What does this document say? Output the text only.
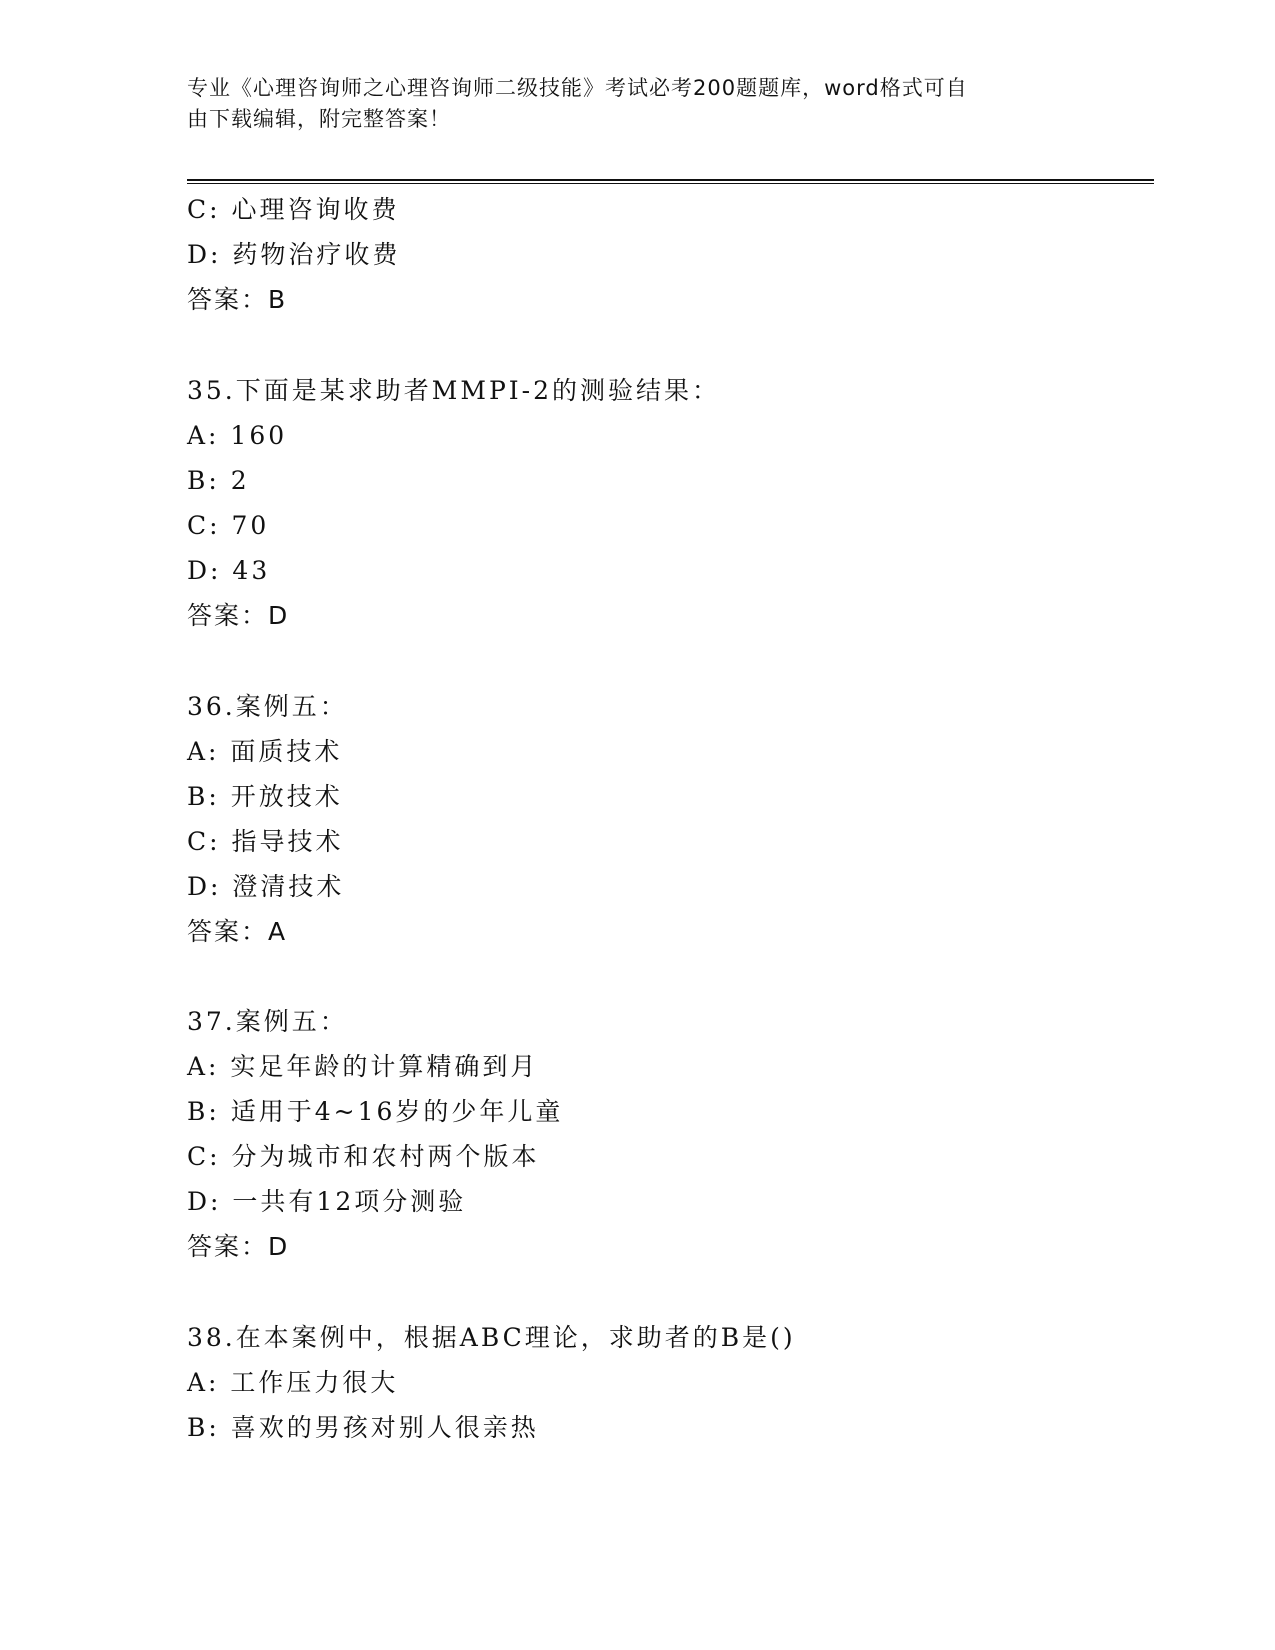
专业《心理咨询师之心理咨询师二级技能》考试必考200题题库，word格式可自
由下载编辑，附完整答案！
C: 心理咨询收费
D: 药物治疗收费
答案：B
35.下面是某求助者MMPI-2的测验结果：
A: 160
B: 2
C: 70
D: 43
答案：D
36.案例五：
A: 面质技术
B: 开放技术
C: 指导技术
D: 澄清技术
答案：A
37.案例五：
A: 实足年龄的计算精确到月
B: 适用于4~16岁的少年儿童
C: 分为城市和农村两个版本
D: 一共有12项分测验
答案：D
38.在本案例中，根据ABC理论，求助者的B是()
A: 工作压力很大
B: 喜欢的男孩对别人很亲热
